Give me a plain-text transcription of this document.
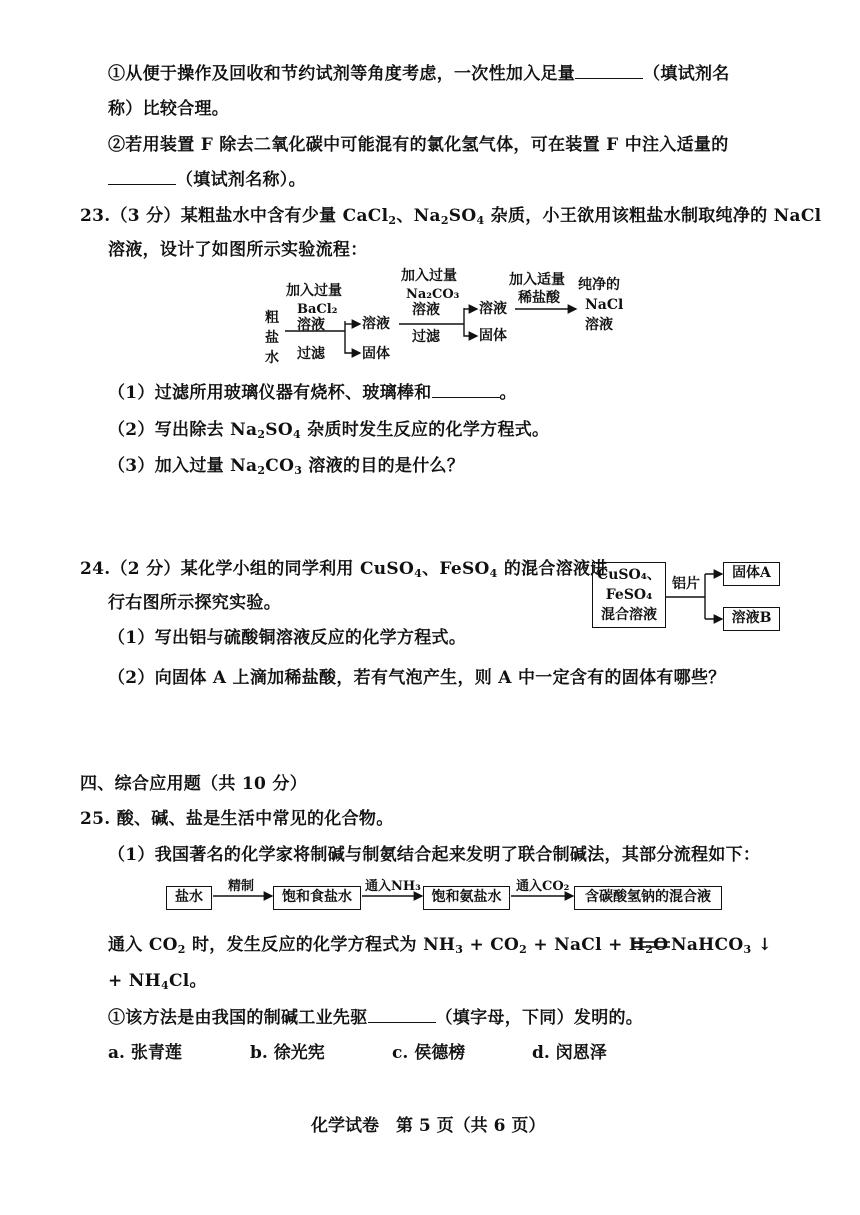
①从便于操作及回收和节约试剂等角度考虑，一次性加入足量	（填试剂名
称）比较合理。
②若用装置 F 除去二氧化碳中可能混有的氯化氢气体，可在装置 F 中注入适量的
（填试剂名称）。
23.（3 分）某粗盐水中含有少量 CaCl$_2$、$Na_2SO_4$ 杂质，小王欲用该粗盐水制取纯净的 NaCl
溶液，设计了如图所示实验流程：
粗
盐
水
加入过量
BaCl₂
溶液
过滤
溶液
固体
加入过量
Na₂CO₃
溶液
过滤
溶液
固体
加入适量
稀盐酸
纯净的
NaCl
溶液
（1）过滤所用玻璃仪器有烧杯、玻璃棒和	。
（2）写出除去 $Na_2SO_4$ 杂质时发生反应的化学方程式。
（3）加入过量 $Na_2CO_3$ 溶液的目的是什么？
24.（2 分）某化学小组的同学利用 CuSO$_4$、FeSO$_4$ 的混合溶液进
行右图所示探究实验。
（1）写出铝与硫酸铜溶液反应的化学方程式。
（2）向固体 A 上滴加稀盐酸，若有气泡产生，则 A 中一定含有的固体有哪些？
CuSO₄、
FeSO₄
混合溶液
铝片
固体A
溶液B
四、综合应用题（共 10 分）
25. 酸、碱、盐是生活中常见的化合物。
（1）我国著名的化学家将制碱与制氨结合起来发明了联合制碱法，其部分流程如下：
盐水
精制
饱和食盐水
通入NH₃
饱和氨盐水
通入CO₂
含碳酸氢钠的混合液
通入 $CO_2$ 时，发生反应的化学方程式为 $NH_3 + CO_2$ + NaCl + $H_2O$ NaHCO$_3$ ↓
+ $NH_4Cl$。
①该方法是由我国的制碱工业先驱	（填字母，下同）发明的。
a. 张青莲	b. 徐光宪	c. 侯德榜	d. 闵恩泽
化学试卷　第 5 页（共 6 页）
